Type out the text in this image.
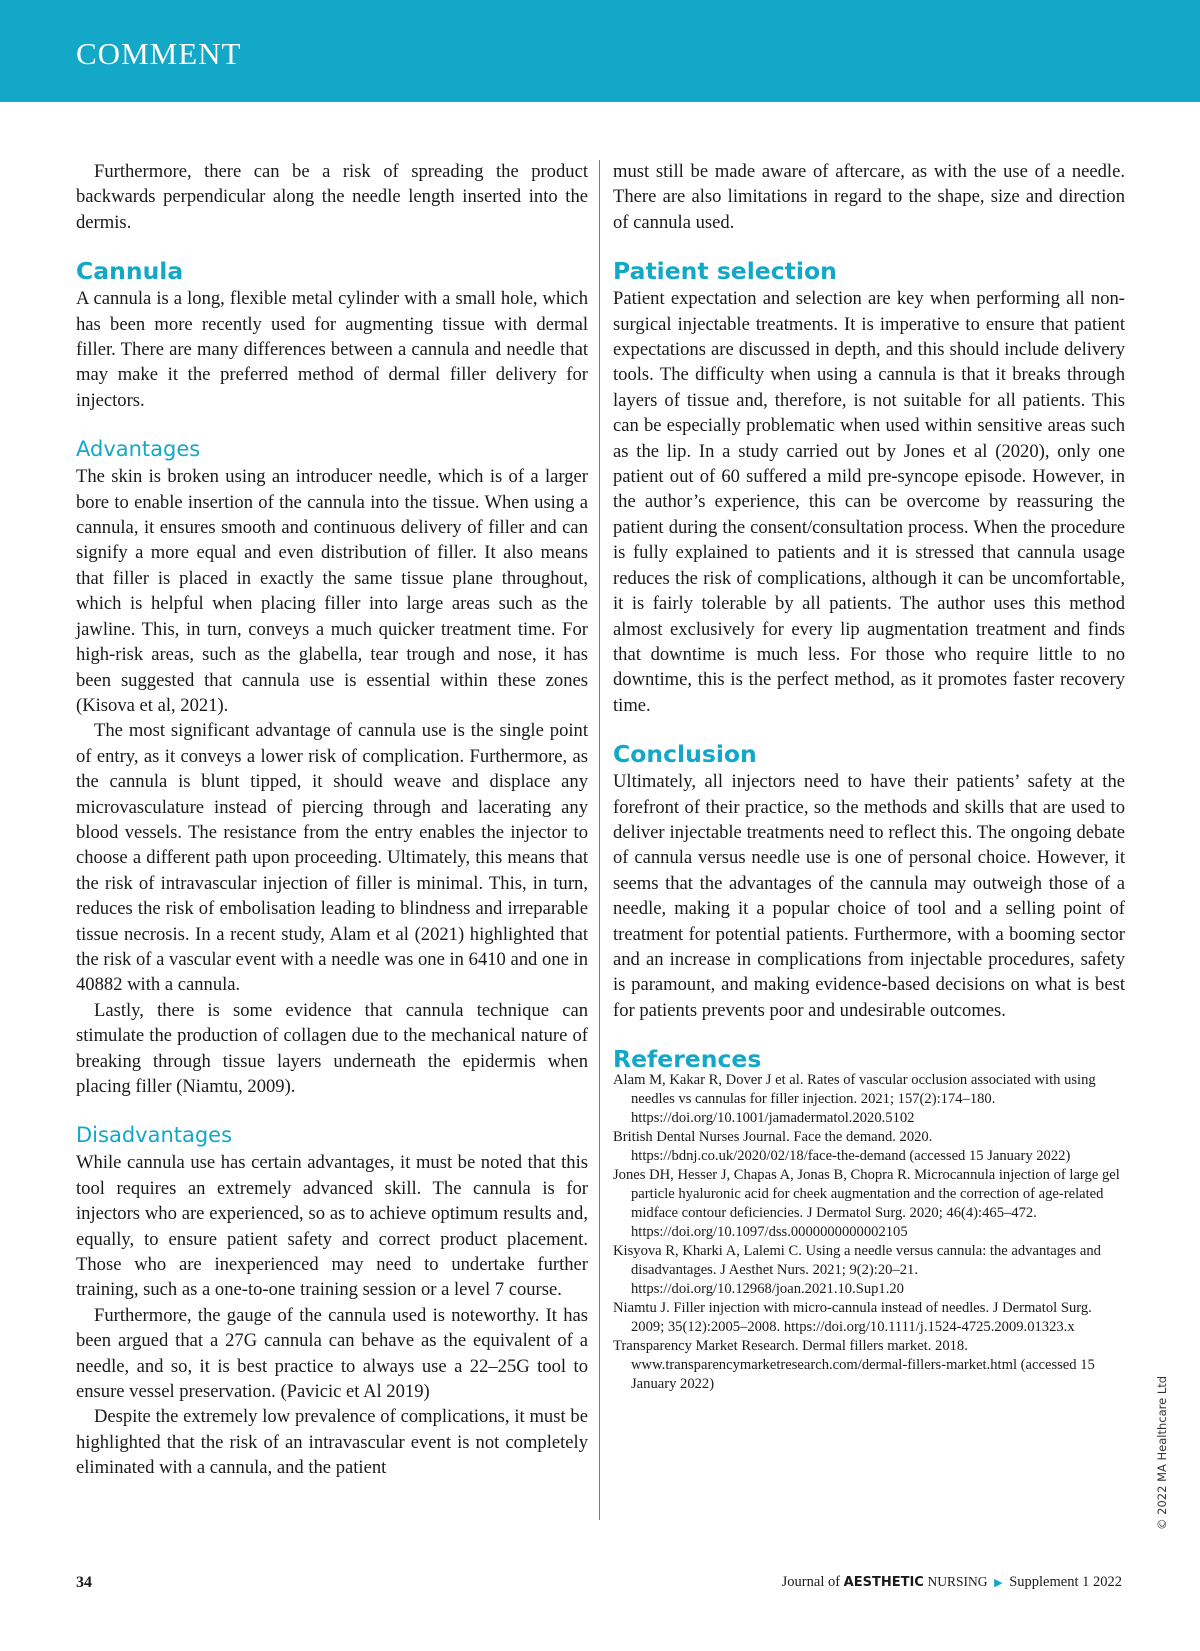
COMMENT

Furthermore, there can be a risk of spreading the product backwards perpendicular along the needle length inserted into the dermis.

Cannula

A cannula is a long, flexible metal cylinder with a small hole, which has been more recently used for augmenting tissue with dermal filler. There are many differences between a cannula and needle that may make it the preferred method of dermal filler delivery for injectors.

Advantages

The skin is broken using an introducer needle, which is of a larger bore to enable insertion of the cannula into the tissue. When using a cannula, it ensures smooth and continuous delivery of filler and can signify a more equal and even distribution of filler. It also means that filler is placed in exactly the same tissue plane throughout, which is helpful when placing filler into large areas such as the jawline. This, in turn, conveys a much quicker treatment time. For high-risk areas, such as the glabella, tear trough and nose, it has been suggested that cannula use is essential within these zones (Kisova et al, 2021).

The most significant advantage of cannula use is the single point of entry, as it conveys a lower risk of complication. Furthermore, as the cannula is blunt tipped, it should weave and displace any microvasculature instead of piercing through and lacerating any blood vessels. The resistance from the entry enables the injector to choose a different path upon proceeding. Ultimately, this means that the risk of intravascular injection of filler is minimal. This, in turn, reduces the risk of embolisation leading to blindness and irreparable tissue necrosis. In a recent study, Alam et al (2021) highlighted that the risk of a vascular event with a needle was one in 6410 and one in 40882 with a cannula.

Lastly, there is some evidence that cannula technique can stimulate the production of collagen due to the mechanical nature of breaking through tissue layers underneath the epidermis when placing filler (Niamtu, 2009).

Disadvantages

While cannula use has certain advantages, it must be noted that this tool requires an extremely advanced skill. The cannula is for injectors who are experienced, so as to achieve optimum results and, equally, to ensure patient safety and correct product placement. Those who are inexperienced may need to undertake further training, such as a one-to-one training session or a level 7 course.

Furthermore, the gauge of the cannula used is noteworthy. It has been argued that a 27G cannula can behave as the equivalent of a needle, and so, it is best practice to always use a 22–25G tool to ensure vessel preservation. (Pavicic et Al 2019)

Despite the extremely low prevalence of complications, it must be highlighted that the risk of an intravascular event is not completely eliminated with a cannula, and the patient

must still be made aware of aftercare, as with the use of a needle. There are also limitations in regard to the shape, size and direction of cannula used.

Patient selection

Patient expectation and selection are key when performing all non-surgical injectable treatments. It is imperative to ensure that patient expectations are discussed in depth, and this should include delivery tools. The difficulty when using a cannula is that it breaks through layers of tissue and, therefore, is not suitable for all patients. This can be especially problematic when used within sensitive areas such as the lip. In a study carried out by Jones et al (2020), only one patient out of 60 suffered a mild pre-syncope episode. However, in the author’s experience, this can be overcome by reassuring the patient during the consent/consultation process. When the procedure is fully explained to patients and it is stressed that cannula usage reduces the risk of complications, although it can be uncomfortable, it is fairly tolerable by all patients. The author uses this method almost exclusively for every lip augmentation treatment and finds that downtime is much less. For those who require little to no downtime, this is the perfect method, as it promotes faster recovery time.

Conclusion

Ultimately, all injectors need to have their patients’ safety at the forefront of their practice, so the methods and skills that are used to deliver injectable treatments need to reflect this. The ongoing debate of cannula versus needle use is one of personal choice. However, it seems that the advantages of the cannula may outweigh those of a needle, making it a popular choice of tool and a selling point of treatment for potential patients. Furthermore, with a booming sector and an increase in complications from injectable procedures, safety is paramount, and making evidence-based decisions on what is best for patients prevents poor and undesirable outcomes.

References

Alam M, Kakar R, Dover J et al. Rates of vascular occlusion associated with using needles vs cannulas for filler injection. 2021; 157(2):174–180. https://doi.org/10.1001/jamadermatol.2020.5102

British Dental Nurses Journal. Face the demand. 2020. https://bdnj.co.uk/2020/02/18/face-the-demand (accessed 15 January 2022)

Jones DH, Hesser J, Chapas A, Jonas B, Chopra R. Microcannula injection of large gel particle hyaluronic acid for cheek augmentation and the correction of age-related midface contour deficiencies. J Dermatol Surg. 2020; 46(4):465–472. https://doi.org/10.1097/dss.0000000000002105

Kisyova R, Kharki A, Lalemi C. Using a needle versus cannula: the advantages and disadvantages. J Aesthet Nurs. 2021; 9(2):20–21. https://doi.org/10.12968/joan.2021.10.Sup1.20

Niamtu J. Filler injection with micro-cannula instead of needles. J Dermatol Surg. 2009; 35(12):2005–2008. https://doi.org/10.1111/j.1524-4725.2009.01323.x

Transparency Market Research. Dermal fillers market. 2018. www.transparencymarketresearch.com/dermal-fillers-market.html (accessed 15 January 2022)	© 2022 MA Healthcare Ltd
34	Journal of AESTHETIC NURSING ▶ Supplement 1 2022
